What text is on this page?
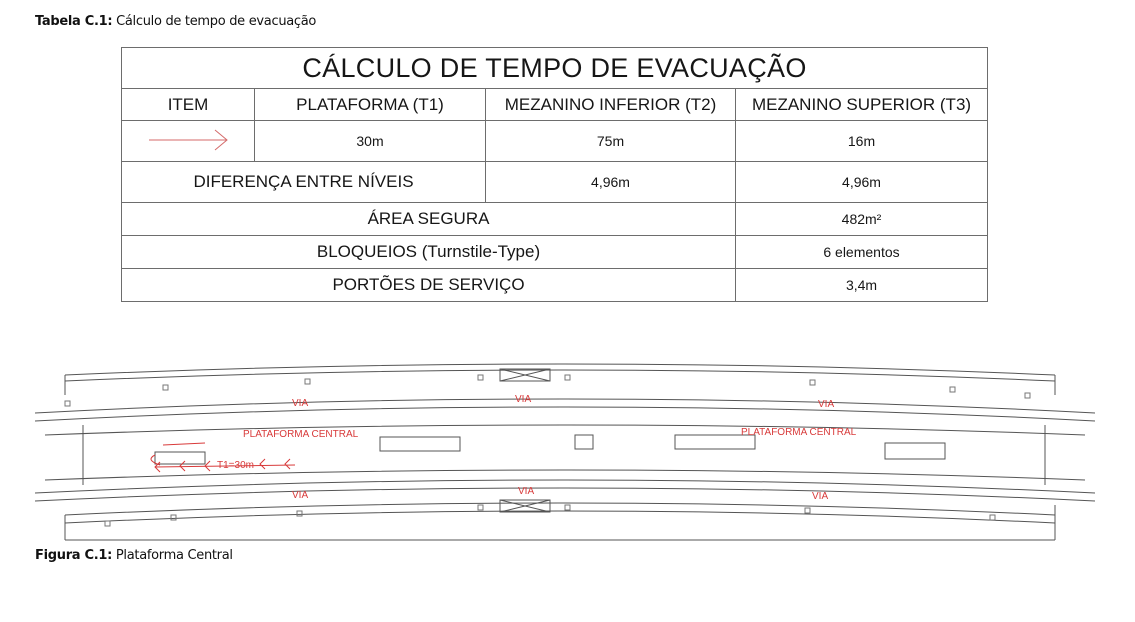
Tabela C.1: Cálculo de tempo de evacuação
CÁLCULO DE TEMPO DE EVACUAÇÃO			
ITEM	PLATAFORMA (T1)	MEZANINO INFERIOR (T2)	MEZANINO SUPERIOR (T3)
	30m	75m	16m
DIFERENÇA ENTRE NÍVEIS		4,96m	4,96m
ÁREA SEGURA			482m²
BLOQUEIOS (Turnstile-Type)			6 elementos
PORTÕES DE SERVIÇO			3,4m
VIA	VIA	VIA
PLATAFORMA CENTRAL	PLATAFORMA CENTRAL
T1=30m
VIA	VIA	VIA
Figura C.1: Plataforma Central
